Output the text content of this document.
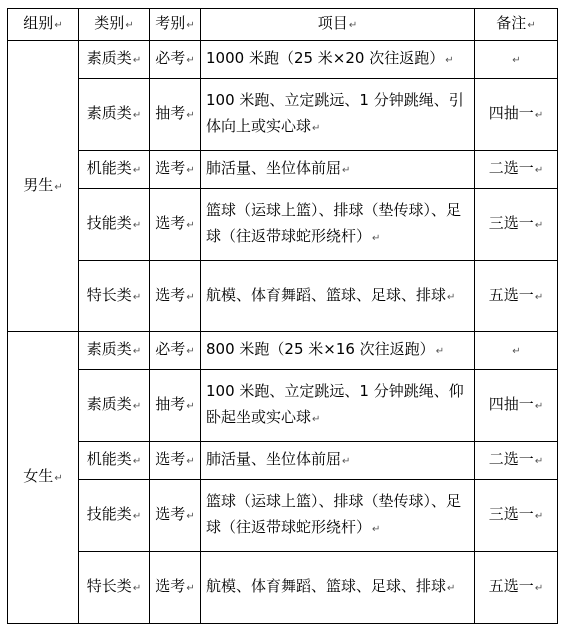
组别↵	类别↵	考别↵	项目↵	备注↵
男生↵	素质类↵	必考↵	1000 米跑（25 米×20 次往返跑）↵	↵
	素质类↵	抽考↵	100 米跑、立定跳远、1 分钟跳绳、引体向上或实心球↵	四抽一↵
	机能类↵	选考↵	肺活量、坐位体前屈↵	二选一↵
	技能类↵	选考↵	篮球（运球上篮）、排球（垫传球）、足球（往返带球蛇形绕杆）↵	三选一↵
	特长类↵	选考↵	航模、体育舞蹈、篮球、足球、排球↵	五选一↵
女生↵	素质类↵	必考↵	800 米跑（25 米×16 次往返跑）↵	↵
	素质类↵	抽考↵	100 米跑、立定跳远、1 分钟跳绳、仰卧起坐或实心球↵	四抽一↵
	机能类↵	选考↵	肺活量、坐位体前屈↵	二选一↵
	技能类↵	选考↵	篮球（运球上篮）、排球（垫传球）、足球（往返带球蛇形绕杆）↵	三选一↵
	特长类↵	选考↵	航模、体育舞蹈、篮球、足球、排球↵	五选一↵
